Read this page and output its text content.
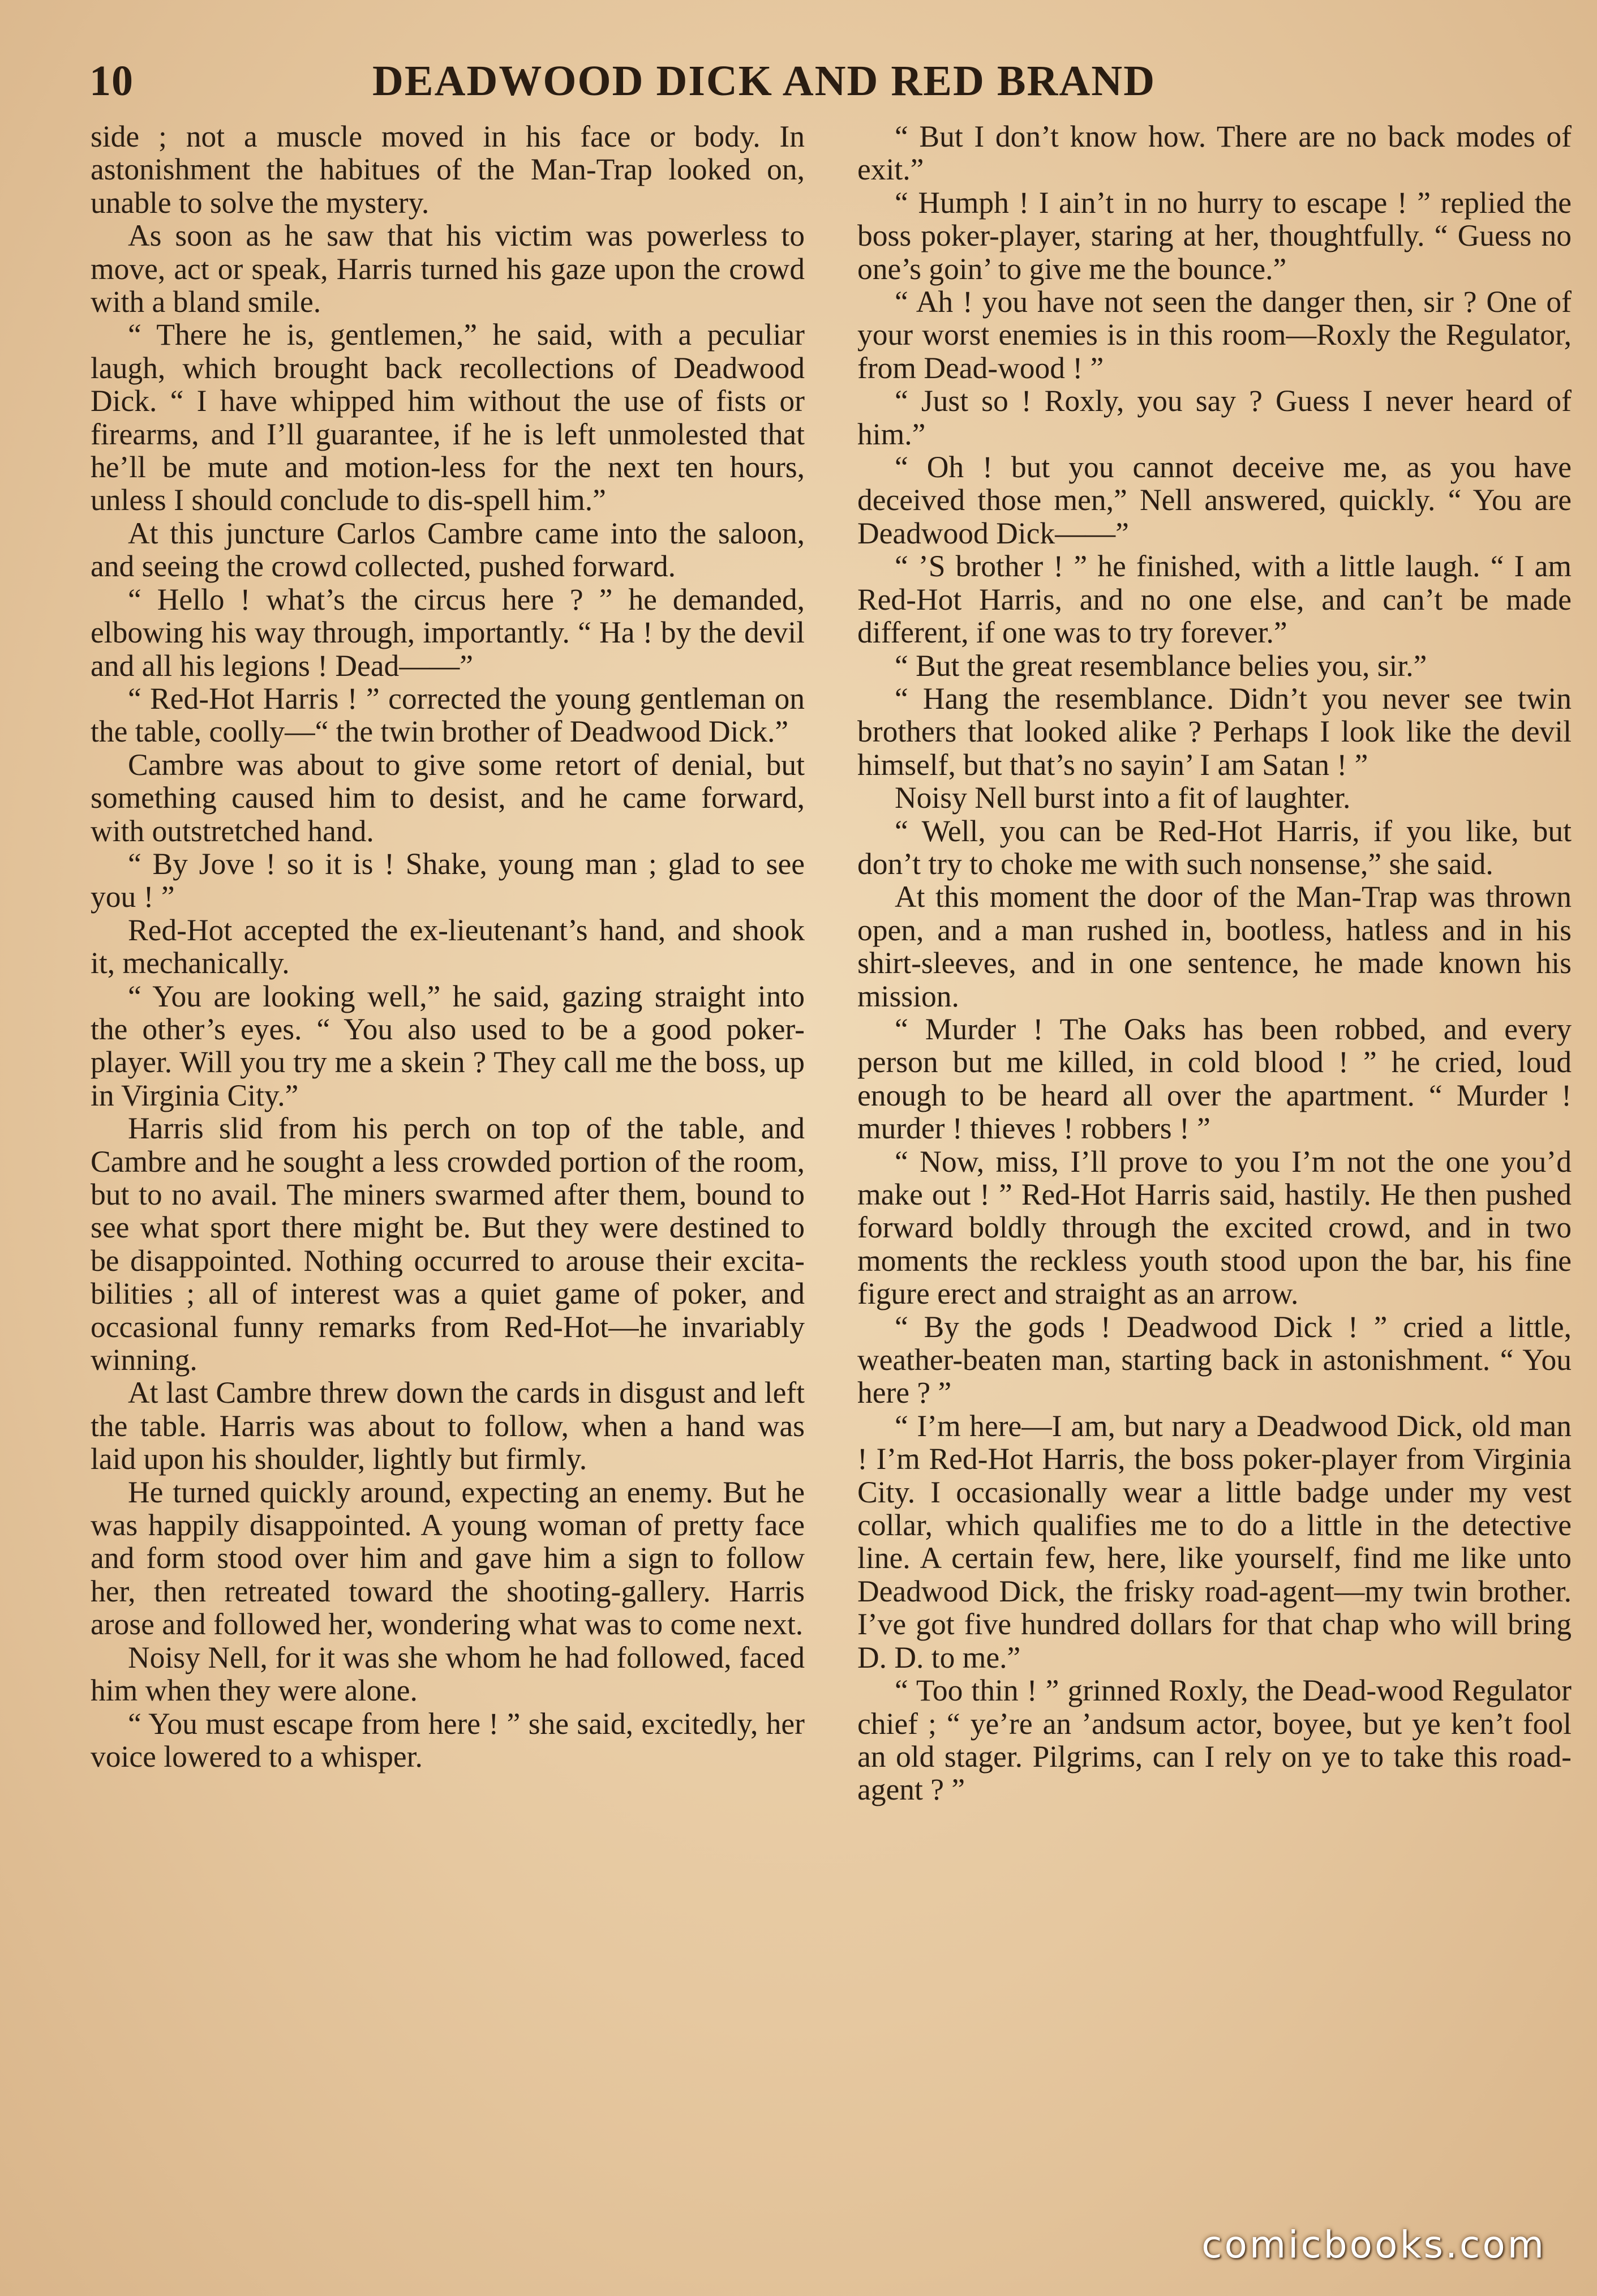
10	DEADWOOD DICK AND RED BRAND

side ; not a muscle moved in his face or body. In astonishment the habitues of the Man-Trap looked on, unable to solve the mystery.

As soon as he saw that his victim was powerless to move, act or speak, Harris turned his gaze upon the crowd with a bland smile.

“ There he is, gentlemen,” he said, with a peculiar laugh, which brought back recollections of Deadwood Dick. “ I have whipped him without the use of fists or firearms, and I’ll guarantee, if he is left unmolested that he’ll be mute and motion-less for the next ten hours, unless I should conclude to dis-spell him.”

At this juncture Carlos Cambre came into the saloon, and seeing the crowd collected, pushed forward.

“ Hello ! what’s the circus here ? ” he demanded, elbowing his way through, importantly. “ Ha ! by the devil and all his legions ! Dead——”

“ Red-Hot Harris ! ” corrected the young gentleman on the table, coolly—“ the twin brother of Deadwood Dick.”

Cambre was about to give some retort of denial, but something caused him to desist, and he came forward, with outstretched hand.

“ By Jove ! so it is ! Shake, young man ; glad to see you ! ”

Red-Hot accepted the ex-lieutenant’s hand, and shook it, mechanically.

“ You are looking well,” he said, gazing straight into the other’s eyes. “ You also used to be a good poker-player. Will you try me a skein ? They call me the boss, up in Virginia City.”

Harris slid from his perch on top of the table, and Cambre and he sought a less crowded portion of the room, but to no avail. The miners swarmed after them, bound to see what sport there might be. But they were destined to be disappointed. Nothing occurred to arouse their excita-bilities ; all of interest was a quiet game of poker, and occasional funny remarks from Red-Hot—he invariably winning.

At last Cambre threw down the cards in disgust and left the table. Harris was about to follow, when a hand was laid upon his shoulder, lightly but firmly.

He turned quickly around, expecting an enemy. But he was happily disappointed. A young woman of pretty face and form stood over him and gave him a sign to follow her, then retreated toward the shooting-gallery. Harris arose and followed her, wondering what was to come next.

Noisy Nell, for it was she whom he had followed, faced him when they were alone.

“ You must escape from here ! ” she said, excitedly, her voice lowered to a whisper.

“ But I don’t know how. There are no back modes of exit.”

“ Humph ! I ain’t in no hurry to escape ! ” replied the boss poker-player, staring at her, thoughtfully. “ Guess no one’s goin’ to give me the bounce.”

“ Ah ! you have not seen the danger then, sir ? One of your worst enemies is in this room—Roxly the Regulator, from Dead-wood ! ”

“ Just so ! Roxly, you say ? Guess I never heard of him.”

“ Oh ! but you cannot deceive me, as you have deceived those men,” Nell answered, quickly. “ You are Deadwood Dick——”

“ ’S brother ! ” he finished, with a little laugh. “ I am Red-Hot Harris, and no one else, and can’t be made different, if one was to try forever.”

“ But the great resemblance belies you, sir.”

“ Hang the resemblance. Didn’t you never see twin brothers that looked alike ? Perhaps I look like the devil himself, but that’s no sayin’ I am Satan ! ”

Noisy Nell burst into a fit of laughter.

“ Well, you can be Red-Hot Harris, if you like, but don’t try to choke me with such nonsense,” she said.

At this moment the door of the Man-Trap was thrown open, and a man rushed in, bootless, hatless and in his shirt-sleeves, and in one sentence, he made known his mission.

“ Murder ! The Oaks has been robbed, and every person but me killed, in cold blood ! ” he cried, loud enough to be heard all over the apartment. “ Murder ! murder ! thieves ! robbers ! ”

“ Now, miss, I’ll prove to you I’m not the one you’d make out ! ” Red-Hot Harris said, hastily. He then pushed forward boldly through the excited crowd, and in two moments the reckless youth stood upon the bar, his fine figure erect and straight as an arrow.

“ By the gods ! Deadwood Dick ! ” cried a little, weather-beaten man, starting back in astonishment. “ You here ? ”

“ I’m here—I am, but nary a Deadwood Dick, old man ! I’m Red-Hot Harris, the boss poker-player from Virginia City. I occasionally wear a little badge under my vest collar, which qualifies me to do a little in the detective line. A certain few, here, like yourself, find me like unto Deadwood Dick, the frisky road-agent—my twin brother. I’ve got five hundred dollars for that chap who will bring D. D. to me.”

“ Too thin ! ” grinned Roxly, the Dead-wood Regulator chief ; “ ye’re an ’andsum actor, boyee, but ye ken’t fool an old stager. Pilgrims, can I rely on ye to take this road-agent ? ”

comicbooks.com
